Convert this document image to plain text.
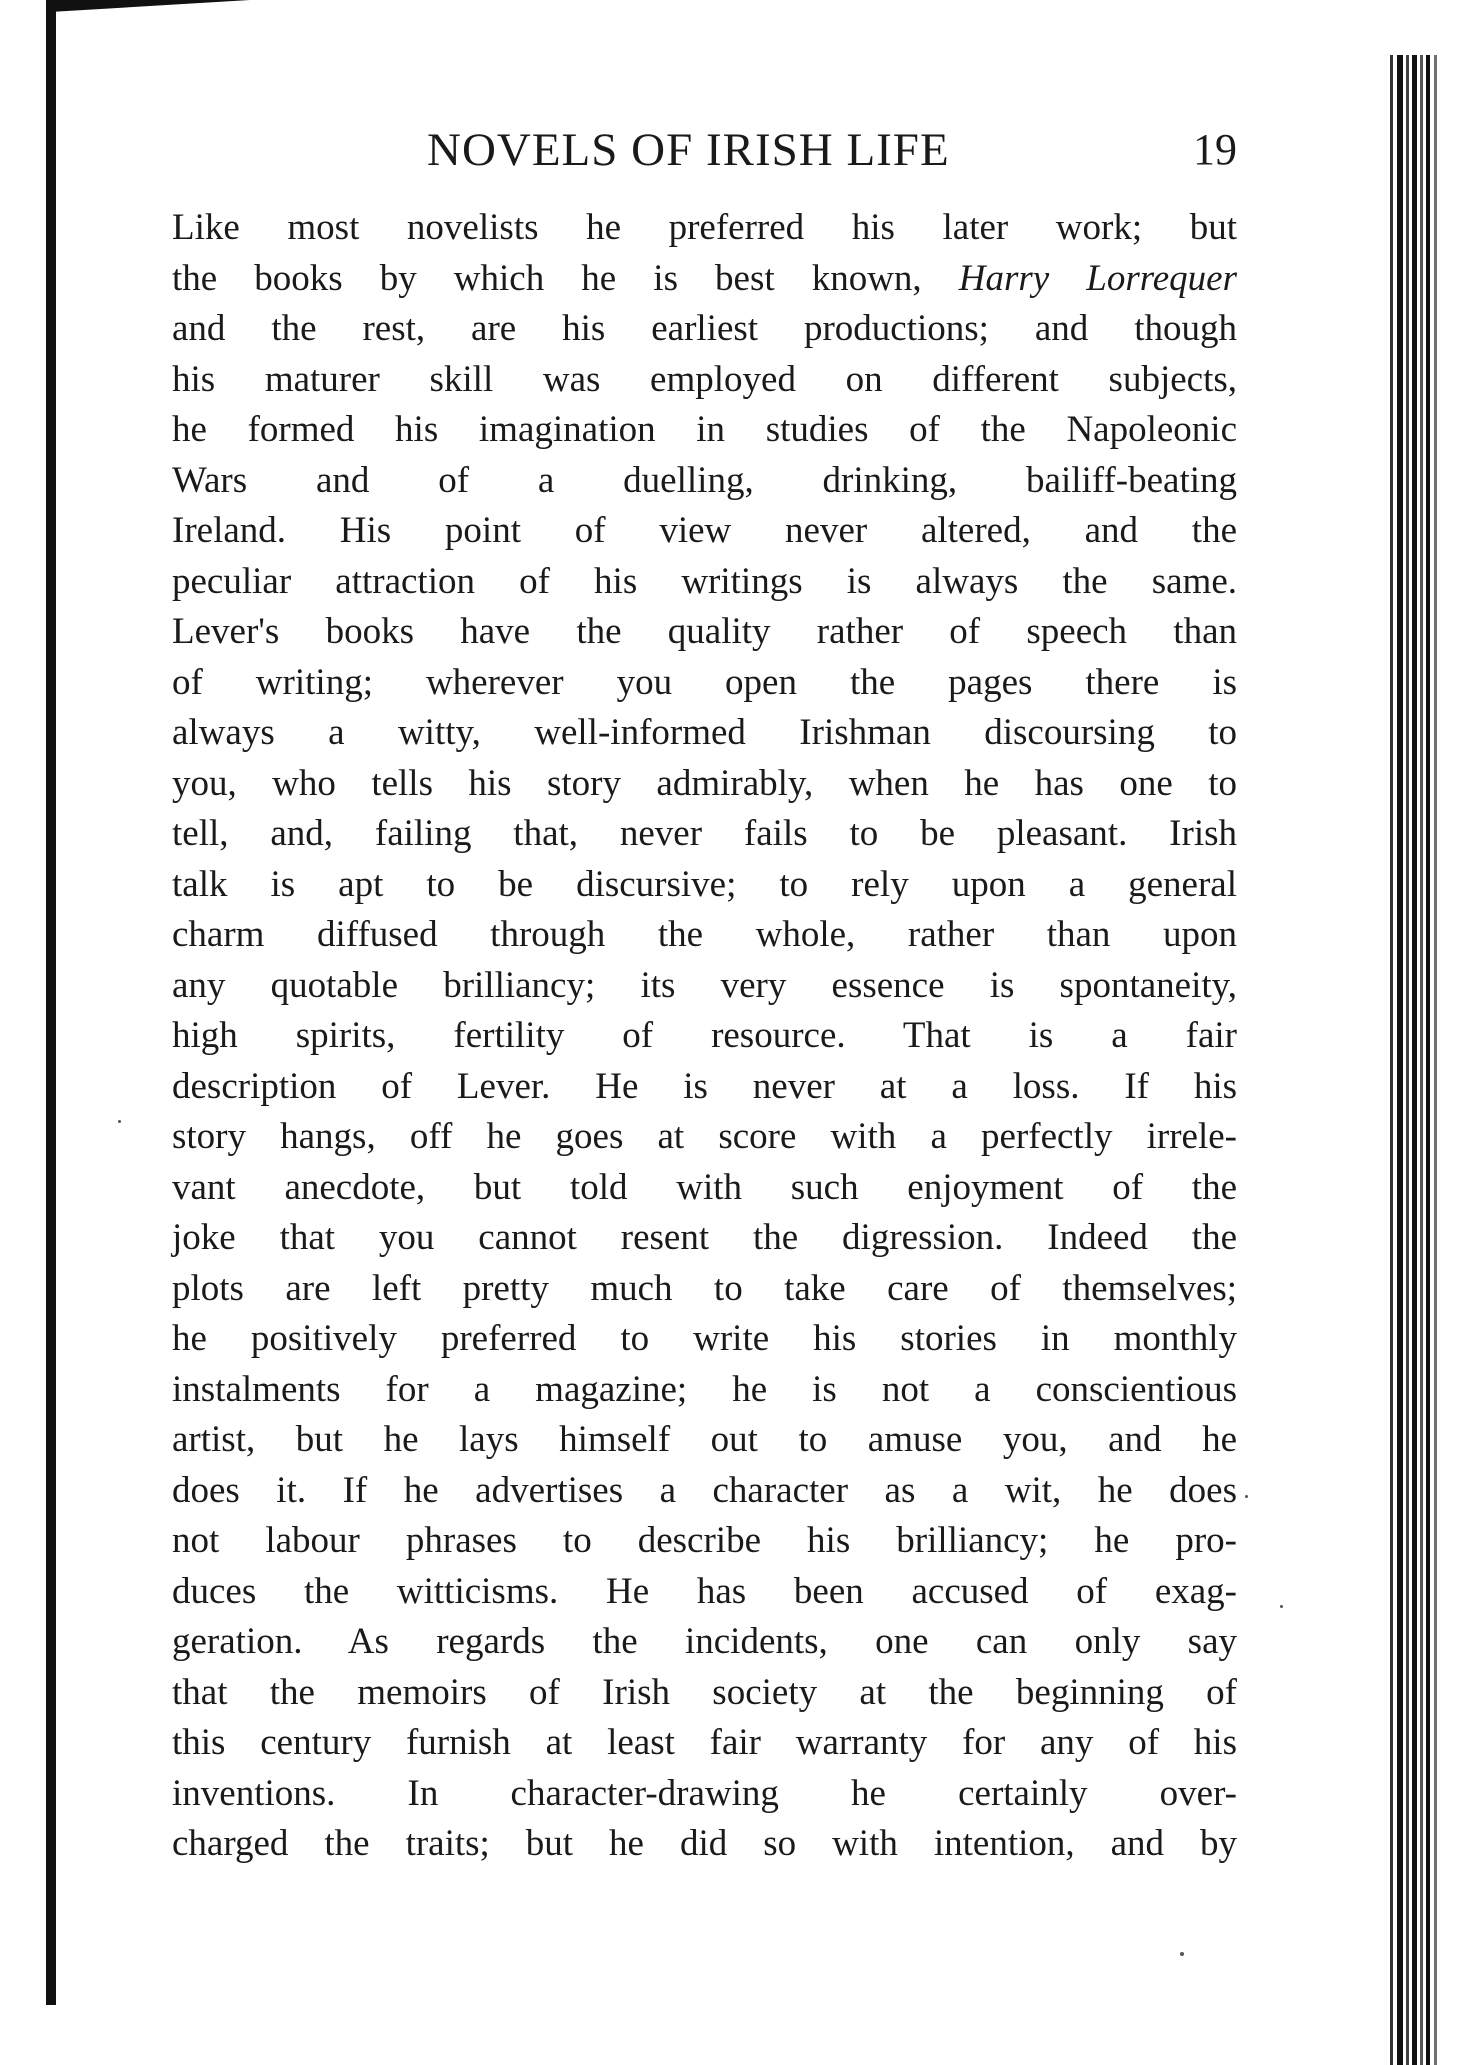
NOVELS OF IRISH LIFE	19
Like most novelists he preferred his later work; but
the books by which he is best known, Harry Lorrequer
and the rest, are his earliest productions; and though
his maturer skill was employed on different subjects,
he formed his imagination in studies of the Napoleonic
Wars and of a duelling, drinking, bailiff-beating
Ireland. His point of view never altered, and the
peculiar attraction of his writings is always the same.
Lever's books have the quality rather of speech than
of writing; wherever you open the pages there is
always a witty, well-informed Irishman discoursing to
you, who tells his story admirably, when he has one to
tell, and, failing that, never fails to be pleasant. Irish
talk is apt to be discursive; to rely upon a general
charm diffused through the whole, rather than upon
any quotable brilliancy; its very essence is spontaneity,
high spirits, fertility of resource. That is a fair
description of Lever. He is never at a loss. If his
story hangs, off he goes at score with a perfectly irrele-
vant anecdote, but told with such enjoyment of the
joke that you cannot resent the digression. Indeed the
plots are left pretty much to take care of themselves;
he positively preferred to write his stories in monthly
instalments for a magazine; he is not a conscientious
artist, but he lays himself out to amuse you, and he
does it. If he advertises a character as a wit, he does
not labour phrases to describe his brilliancy; he pro-
duces the witticisms. He has been accused of exag-
geration. As regards the incidents, one can only say
that the memoirs of Irish society at the beginning of
this century furnish at least fair warranty for any of his
inventions. In character-drawing he certainly over-
charged the traits; but he did so with intention, and by
